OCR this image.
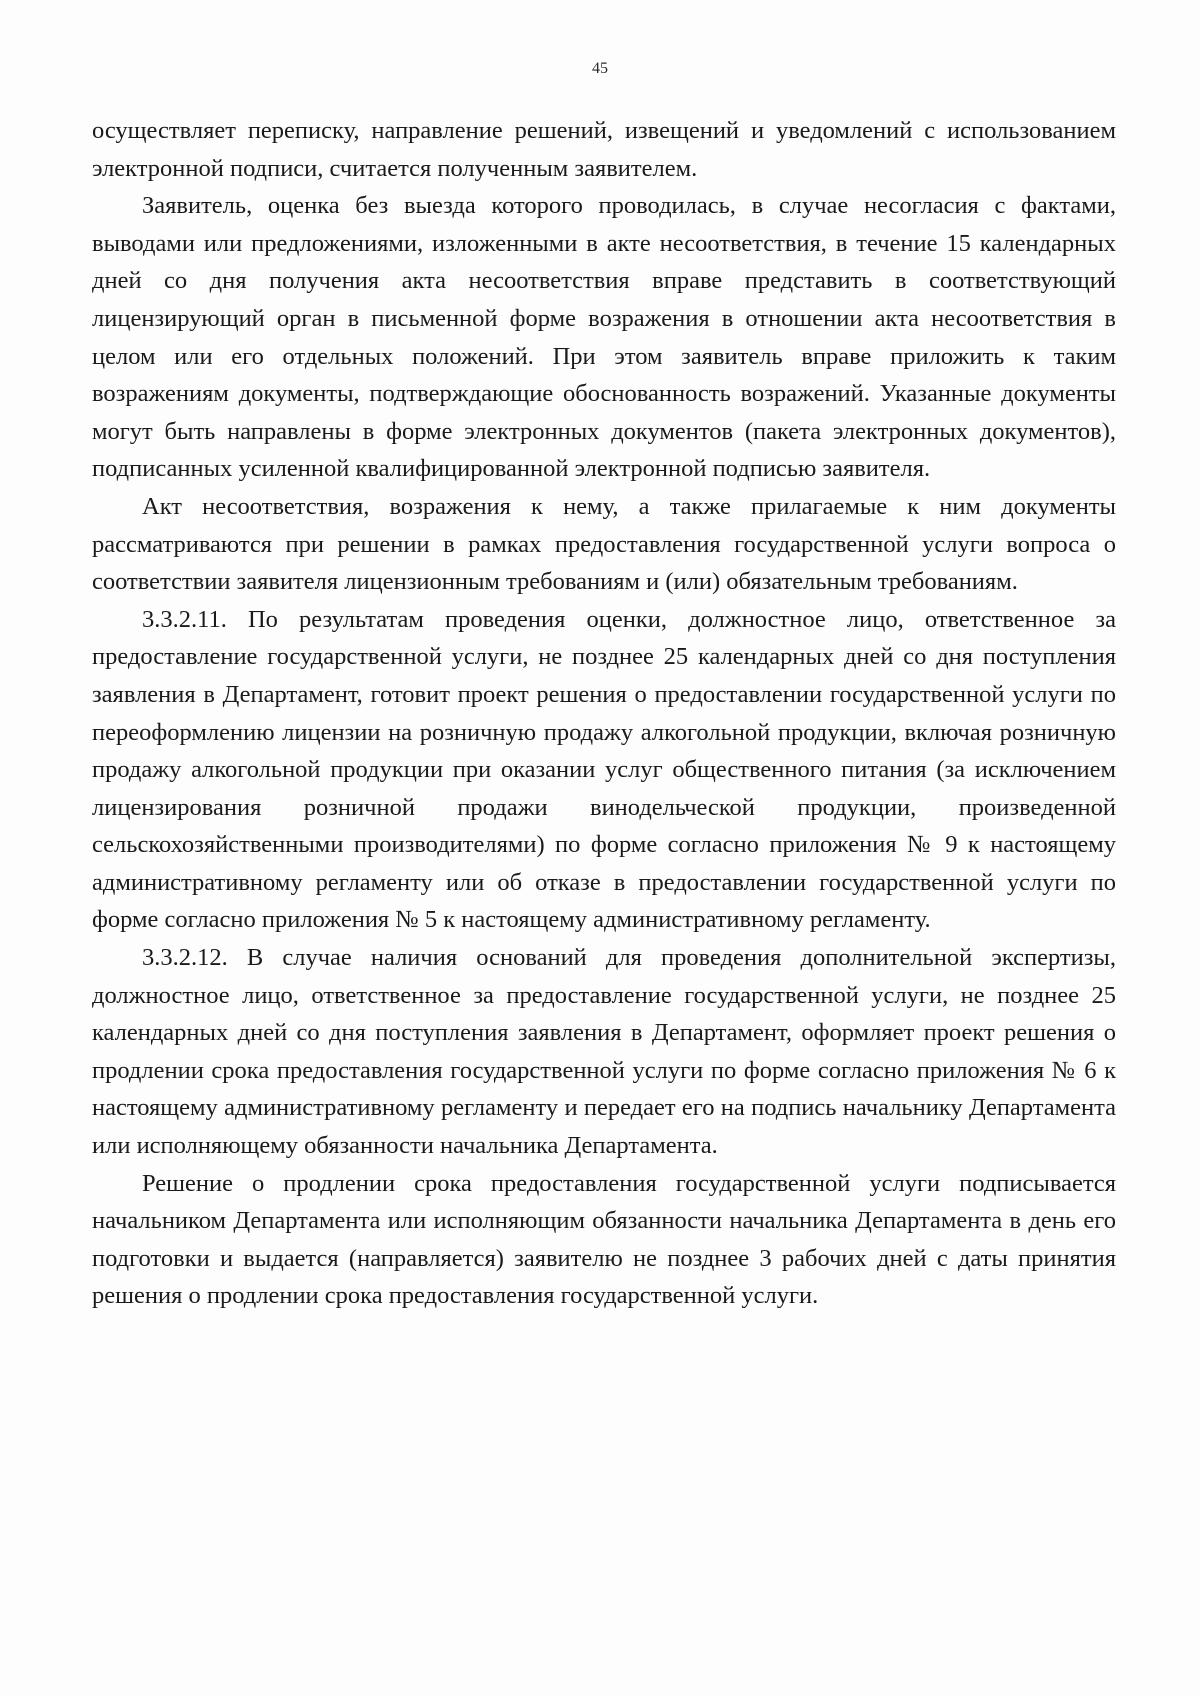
45

осуществляет переписку, направление решений, извещений и уведомлений с использованием электронной подписи, считается полученным заявителем.

Заявитель, оценка без выезда которого проводилась, в случае несогласия с фактами, выводами или предложениями, изложенными в акте несоответствия, в течение 15 календарных дней со дня получения акта несоответствия вправе представить в соответствующий лицензирующий орган в письменной форме возражения в отношении акта несоответствия в целом или его отдельных положений. При этом заявитель вправе приложить к таким возражениям документы, подтверждающие обоснованность возражений. Указанные документы могут быть направлены в форме электронных документов (пакета электронных документов), подписанных усиленной квалифицированной электронной подписью заявителя.

Акт несоответствия, возражения к нему, а также прилагаемые к ним документы рассматриваются при решении в рамках предоставления государственной услуги вопроса о соответствии заявителя лицензионным требованиям и (или) обязательным требованиям.

3.3.2.11. По результатам проведения оценки, должностное лицо, ответственное за предоставление государственной услуги, не позднее 25 календарных дней со дня поступления заявления в Департамент, готовит проект решения о предоставлении государственной услуги по переоформлению лицензии на розничную продажу алкогольной продукции, включая розничную продажу алкогольной продукции при оказании услуг общественного питания (за исключением лицензирования розничной продажи винодельческой продукции, произведенной сельскохозяйственными производителями) по форме согласно приложения № 9 к настоящему административному регламенту или об отказе в предоставлении государственной услуги по форме согласно приложения № 5 к настоящему административному регламенту.

3.3.2.12. В случае наличия оснований для проведения дополнительной экспертизы, должностное лицо, ответственное за предоставление государственной услуги, не позднее 25 календарных дней со дня поступления заявления в Департамент, оформляет проект решения о продлении срока предоставления государственной услуги по форме согласно приложения № 6 к настоящему административному регламенту и передает его на подпись начальнику Департамента или исполняющему обязанности начальника Департамента.

Решение о продлении срока предоставления государственной услуги подписывается начальником Департамента или исполняющим обязанности начальника Департамента в день его подготовки и выдается (направляется) заявителю не позднее 3 рабочих дней с даты принятия решения о продлении срока предоставления государственной услуги.
